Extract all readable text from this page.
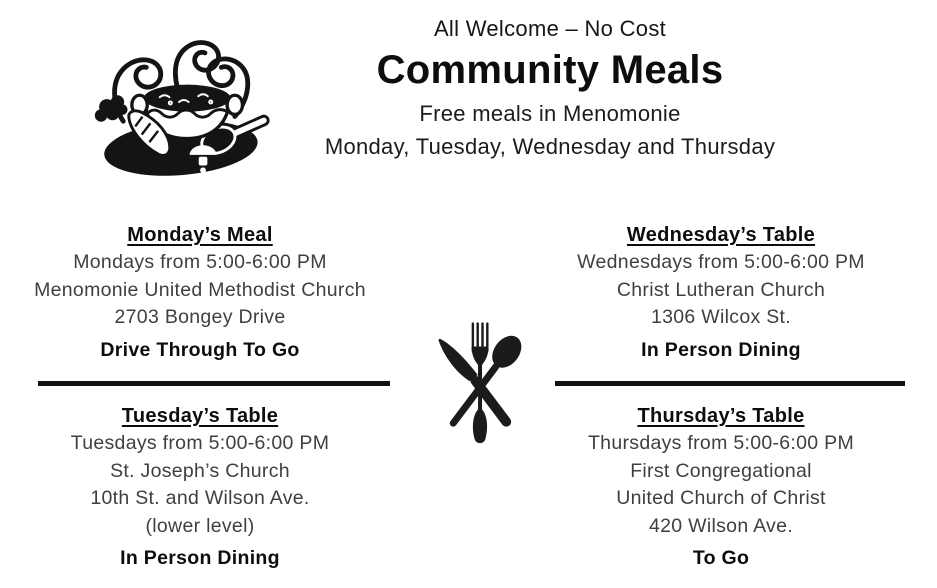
All Welcome – No Cost
Community Meals
Free meals in Menomonie
Monday, Tuesday, Wednesday and Thursday
Monday’s Meal
Mondays from 5:00-6:00 PM
Menomonie United Methodist Church
2703 Bongey Drive
Drive Through To Go
Wednesday’s Table
Wednesdays from 5:00-6:00 PM
Christ Lutheran Church
1306 Wilcox St.
In Person Dining
Tuesday’s Table
Tuesdays from 5:00-6:00 PM
St. Joseph’s Church
10th St. and Wilson Ave.
(lower level)
In Person Dining
Thursday’s Table
Thursdays from 5:00-6:00 PM
First Congregational
United Church of Christ
420 Wilson Ave.
To Go
